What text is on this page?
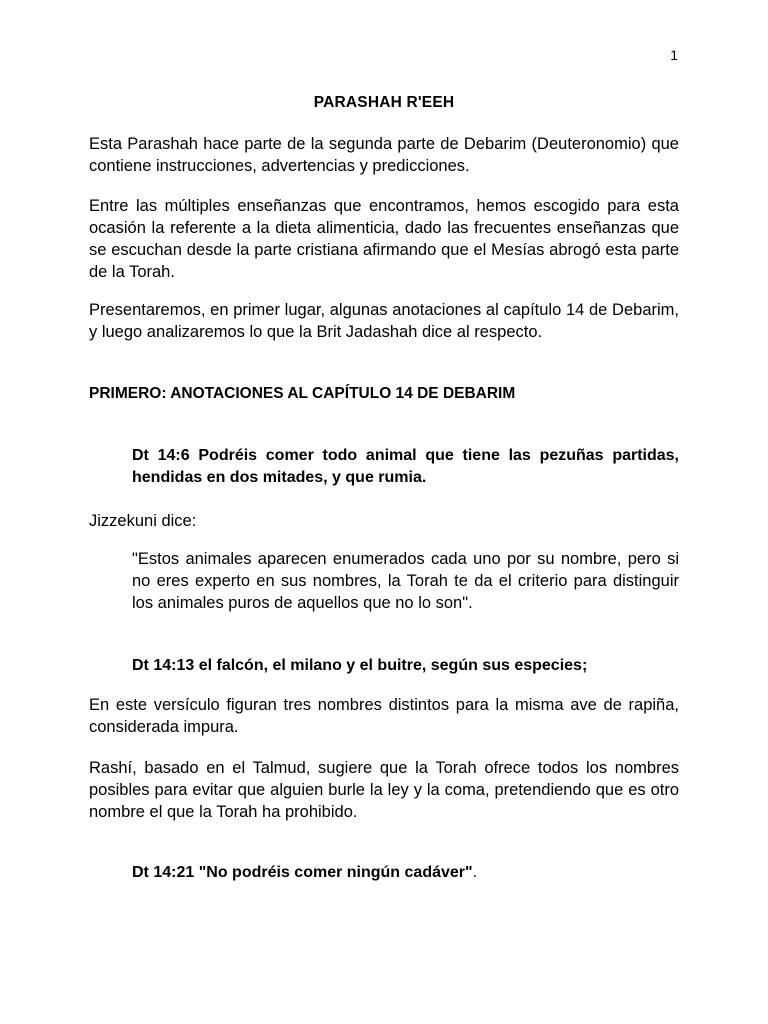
1
PARASHAH R'EEH
Esta Parashah hace parte de la segunda parte de Debarim (Deuteronomio) que contiene instrucciones, advertencias y predicciones.
Entre las múltiples enseñanzas que encontramos, hemos escogido para esta ocasión la referente a la dieta alimenticia, dado las frecuentes enseñanzas que se escuchan desde la parte cristiana afirmando que el Mesías abrogó esta parte de la Torah.
Presentaremos, en primer lugar, algunas anotaciones al capítulo 14 de Debarim, y luego analizaremos lo que la Brit Jadashah dice al respecto.
PRIMERO: ANOTACIONES AL CAPÍTULO 14 DE DEBARIM
Dt 14:6 Podréis comer todo animal que tiene las pezuñas partidas, hendidas en dos mitades, y que rumia.
Jizzekuni dice:
"Estos animales aparecen enumerados cada uno por su nombre, pero si no eres experto en sus nombres, la Torah te da el criterio para distinguir los animales puros de aquellos que no lo son".
Dt 14:13 el falcón, el milano y el buitre, según sus especies;
En este versículo figuran tres nombres distintos para la misma ave de rapiña, considerada impura.
Rashí, basado en el Talmud, sugiere que la Torah ofrece todos los nombres posibles para evitar que alguien burle la ley y la coma, pretendiendo que es otro nombre el que la Torah ha prohibido.
Dt 14:21 "No podréis comer ningún cadáver".
